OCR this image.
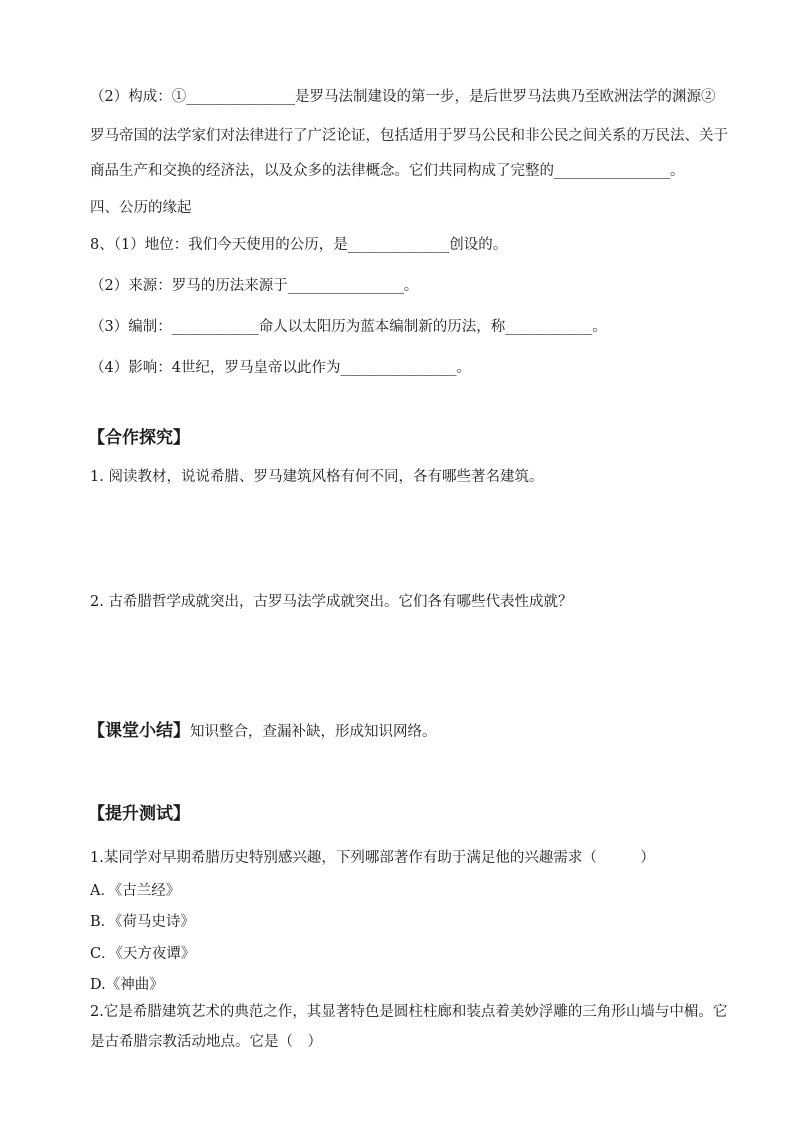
（2）构成：①_______________是罗马法制建设的第一步，是后世罗马法典乃至欧洲法学的渊源②
罗马帝国的法学家们对法律进行了广泛论证，包括适用于罗马公民和非公民之间关系的万民法、关于
商品生产和交换的经济法，以及众多的法律概念。它们共同构成了完整的________________。
四、公历的缘起
8、（1）地位：我们今天使用的公历，是______________创设的。
（2）来源：罗马的历法来源于________________。
（3）编制：____________命人以太阳历为蓝本编制新的历法，称____________。
（4）影响：4世纪，罗马皇帝以此作为________________。
【合作探究】
1. 阅读教材，说说希腊、罗马建筑风格有何不同，各有哪些著名建筑。
2. 古希腊哲学成就突出，古罗马法学成就突出。它们各有哪些代表性成就？
【课堂小结】知识整合，查漏补缺，形成知识网络。
【提升测试】
1.某同学对早期希腊历史特别感兴趣，下列哪部著作有助于满足他的兴趣需求（　　　）
A．《古兰经》
B．《荷马史诗》
C．《天方夜谭》
D.《神曲》
2.它是希腊建筑艺术的典范之作，其显著特色是圆柱柱廊和装点着美妙浮雕的三角形山墙与中楣。它
是古希腊宗教活动地点。它是（　）
